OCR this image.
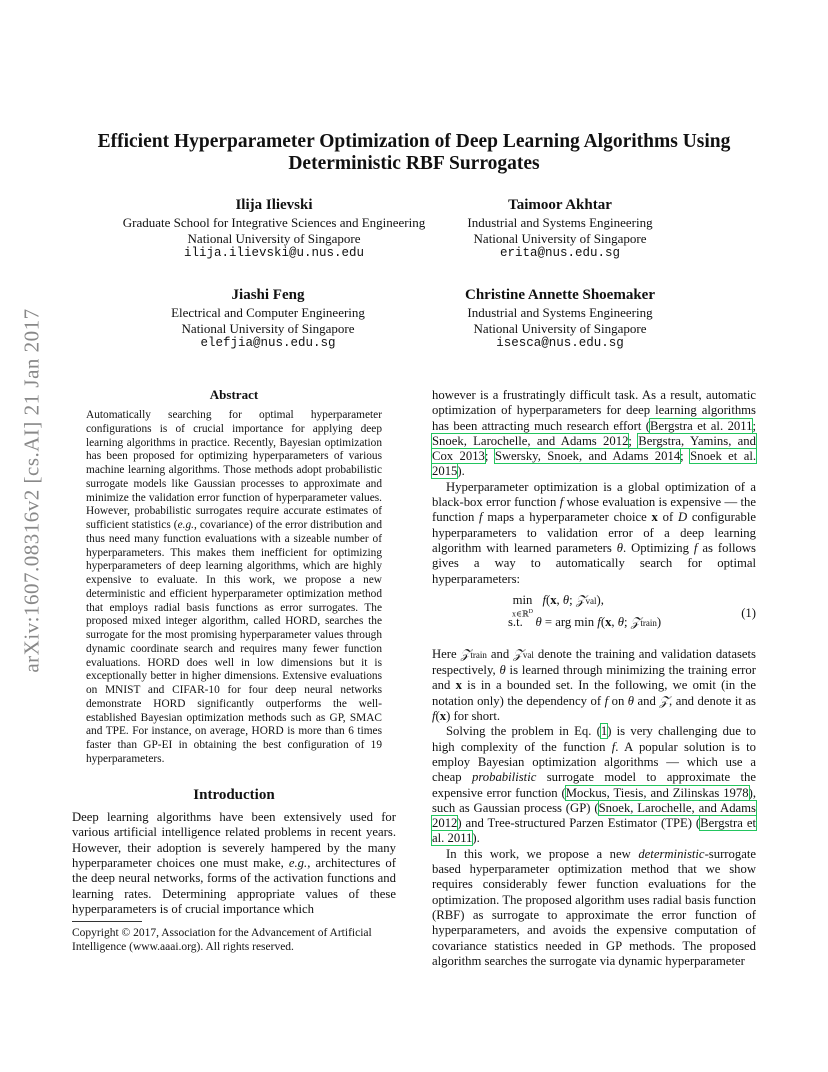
arXiv:1607.08316v2 [cs.AI] 21 Jan 2017
Efficient Hyperparameter Optimization of Deep Learning Algorithms Using
Deterministic RBF Surrogates
Ilija Ilievski
Graduate School for Integrative Sciences and Engineering
National University of Singapore
ilija.ilievski@u.nus.edu
Taimoor Akhtar
Industrial and Systems Engineering
National University of Singapore
erita@nus.edu.sg
Jiashi Feng
Electrical and Computer Engineering
National University of Singapore
elefjia@nus.edu.sg
Christine Annette Shoemaker
Industrial and Systems Engineering
National University of Singapore
isesca@nus.edu.sg
Abstract
Automatically searching for optimal hyperparameter configurations is of crucial importance for applying deep learning algorithms in practice. Recently, Bayesian optimization has been proposed for optimizing hyperparameters of various machine learning algorithms. Those methods adopt probabilistic surrogate models like Gaussian processes to approximate and minimize the validation error function of hyperparameter values. However, probabilistic surrogates require accurate estimates of sufficient statistics (e.g., covariance) of the error distribution and thus need many function evaluations with a sizeable number of hyperparameters. This makes them inefficient for optimizing hyperparameters of deep learning algorithms, which are highly expensive to evaluate. In this work, we propose a new deterministic and efficient hyperparameter optimization method that employs radial basis functions as error surrogates. The proposed mixed integer algorithm, called HORD, searches the surrogate for the most promising hyperparameter values through dynamic coordinate search and requires many fewer function evaluations. HORD does well in low dimensions but it is exceptionally better in higher dimensions. Extensive evaluations on MNIST and CIFAR-10 for four deep neural networks demonstrate HORD significantly outperforms the well-established Bayesian optimization methods such as GP, SMAC and TPE. For instance, on average, HORD is more than 6 times faster than GP-EI in obtaining the best configuration of 19 hyperparameters.
Introduction
Deep learning algorithms have been extensively used for various artificial intelligence related problems in recent years. However, their adoption is severely hampered by the many hyperparameter choices one must make, e.g., architectures of the deep neural networks, forms of the activation functions and learning rates. Determining appropriate values of these hyperparameters is of crucial importance which
Copyright © 2017, Association for the Advancement of Artificial Intelligence (www.aaai.org). All rights reserved.

however is a frustratingly difficult task. As a result, automatic optimization of hyperparameters for deep learning algorithms has been attracting much research effort (Bergstra et al. 2011; Snoek, Larochelle, and Adams 2012; Bergstra, Yamins, and Cox 2013; Swersky, Snoek, and Adams 2014; Snoek et al. 2015).

Hyperparameter optimization is a global optimization of a black-box error function f whose evaluation is expensive — the function f maps a hyperparameter choice x of D configurable hyperparameters to validation error of a deep learning algorithm with learned parameters θ. Optimizing f as follows gives a way to automatically search for optimal hyperparameters:

min
x∈ℝ$^D$
f(x, θ; 𝒵val),
s.t. θ = arg min f(x, θ; 𝒵train)
(1)

Here 𝒵train and 𝒵val denote the training and validation datasets respectively, θ is learned through minimizing the training error and x is in a bounded set. In the following, we omit (in the notation only) the dependency of f on θ and 𝒵, and denote it as f(x) for short.

Solving the problem in Eq. (1) is very challenging due to high complexity of the function f. A popular solution is to employ Bayesian optimization algorithms — which use a cheap probabilistic surrogate model to approximate the expensive error function (Mockus, Tiesis, and Zilinskas 1978), such as Gaussian process (GP) (Snoek, Larochelle, and Adams 2012) and Tree-structured Parzen Estimator (TPE) (Bergstra et al. 2011).

In this work, we propose a new deterministic-surrogate based hyperparameter optimization method that we show requires considerably fewer function evaluations for the optimization. The proposed algorithm uses radial basis function (RBF) as surrogate to approximate the error function of hyperparameters, and avoids the expensive computation of covariance statistics needed in GP methods. The proposed algorithm searches the surrogate via dynamic hyperparameter
